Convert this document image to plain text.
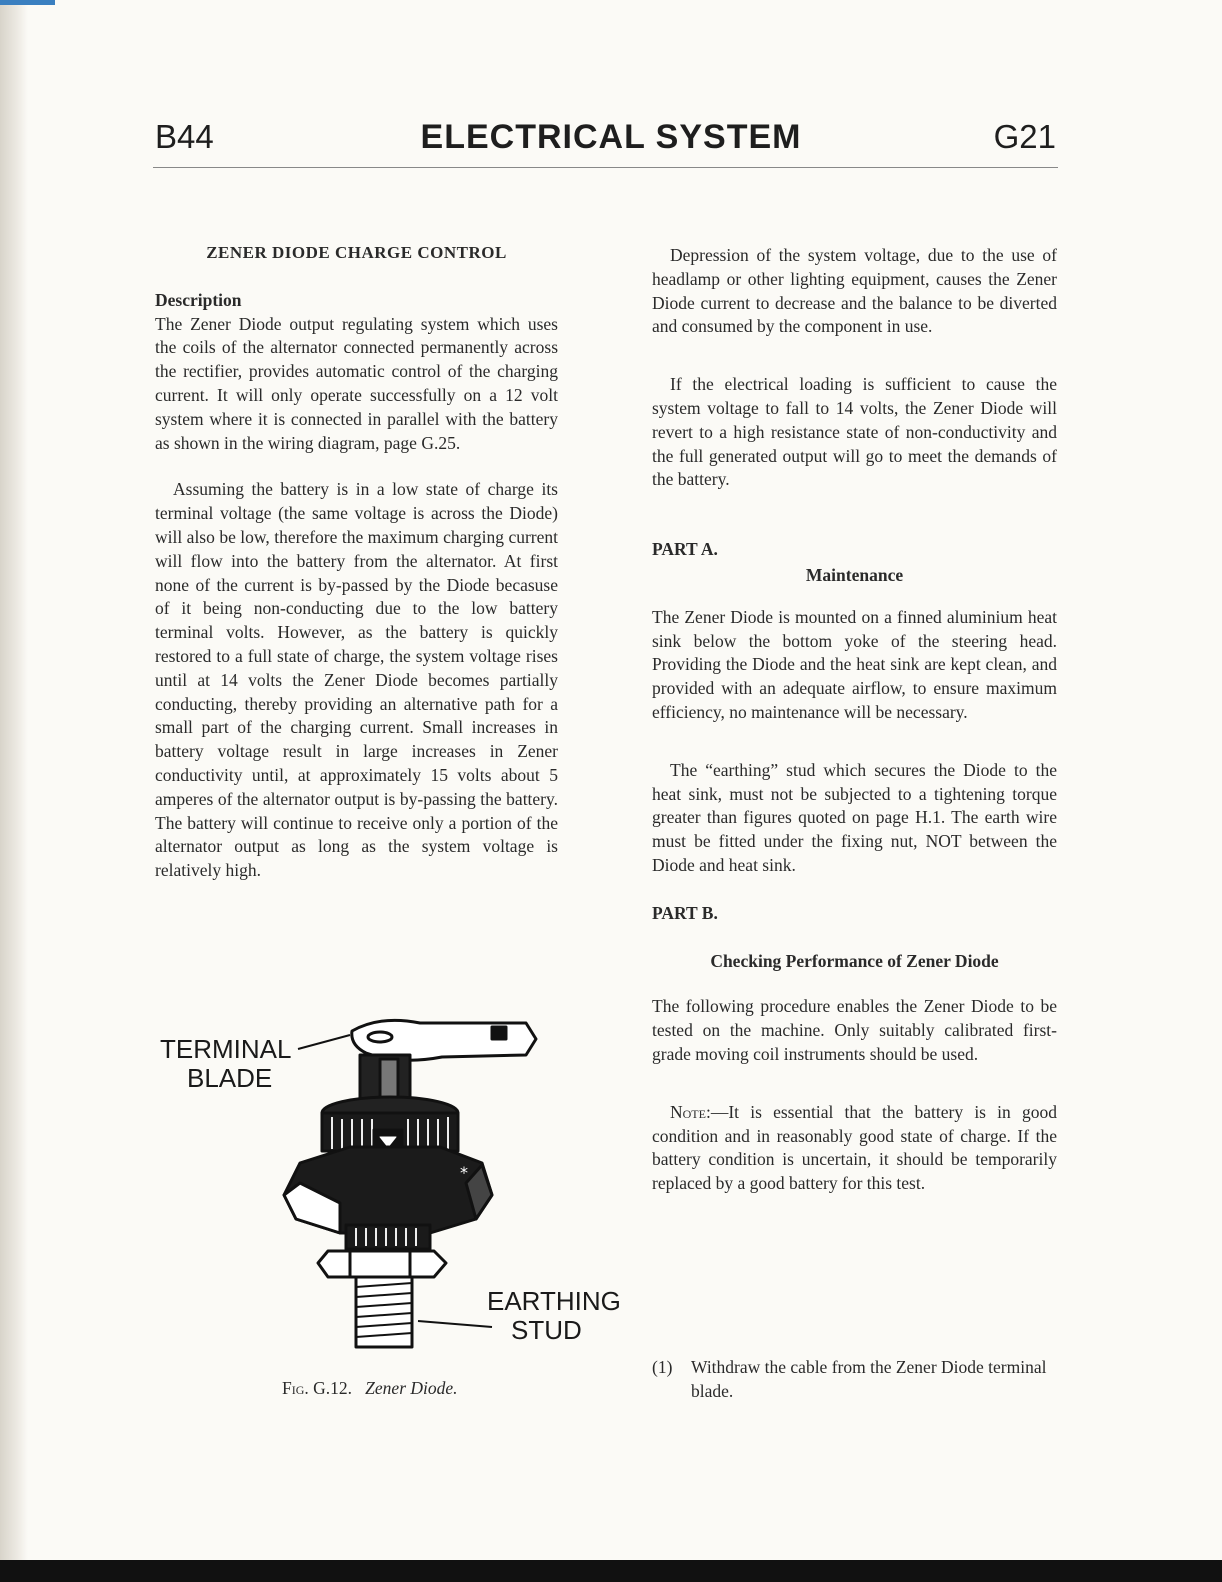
ELECTRICAL SYSTEM
B44	G21

ZENER DIODE CHARGE CONTROL

Description

The Zener Diode output regulating system which uses the coils of the alternator connected permanently across the rectifier, provides automatic control of the charging current. It will only operate successfully on a 12 volt system where it is connected in parallel with the battery as shown in the wiring diagram, page G.25.

Assuming the battery is in a low state of charge its terminal voltage (the same voltage is across the Diode) will also be low, therefore the maximum charging current will flow into the battery from the alternator. At first none of the current is by-passed by the Diode becasuse of it being non-conducting due to the low battery terminal volts. However, as the battery is quickly restored to a full state of charge, the system voltage rises until at 14 volts the Zener Diode becomes partially conducting, thereby providing an alternative path for a small part of the charging current. Small increases in battery voltage result in large increases in Zener conductivity until, at approximately 15 volts about 5 amperes of the alternator output is by-passing the battery. The battery will continue to receive only a portion of the alternator output as long as the system voltage is relatively high.

TERMINAL
BLADE
EARTHING
STUD
*
Fig. G.12. Zener Diode.

Depression of the system voltage, due to the use of headlamp or other lighting equipment, causes the Zener Diode current to decrease and the balance to be diverted and consumed by the component in use.

If the electrical loading is sufficient to cause the system voltage to fall to 14 volts, the Zener Diode will revert to a high resistance state of non-conductivity and the full generated output will go to meet the demands of the battery.

PART A.

Maintenance

The Zener Diode is mounted on a finned aluminium heat sink below the bottom yoke of the steering head. Providing the Diode and the heat sink are kept clean, and provided with an adequate airflow, to ensure maximum efficiency, no maintenance will be necessary.

The “earthing” stud which secures the Diode to the heat sink, must not be subjected to a tightening torque greater than figures quoted on page H.1. The earth wire must be fitted under the fixing nut, NOT between the Diode and heat sink.

PART B.

Checking Performance of Zener Diode

The following procedure enables the Zener Diode to be tested on the machine. Only suitably calibrated first-grade moving coil instruments should be used.

Note:—It is essential that the battery is in good condition and in reasonably good state of charge. If the battery condition is uncertain, it should be temporarily replaced by a good battery for this test.

(1) Withdraw the cable from the Zener Diode terminal blade.
